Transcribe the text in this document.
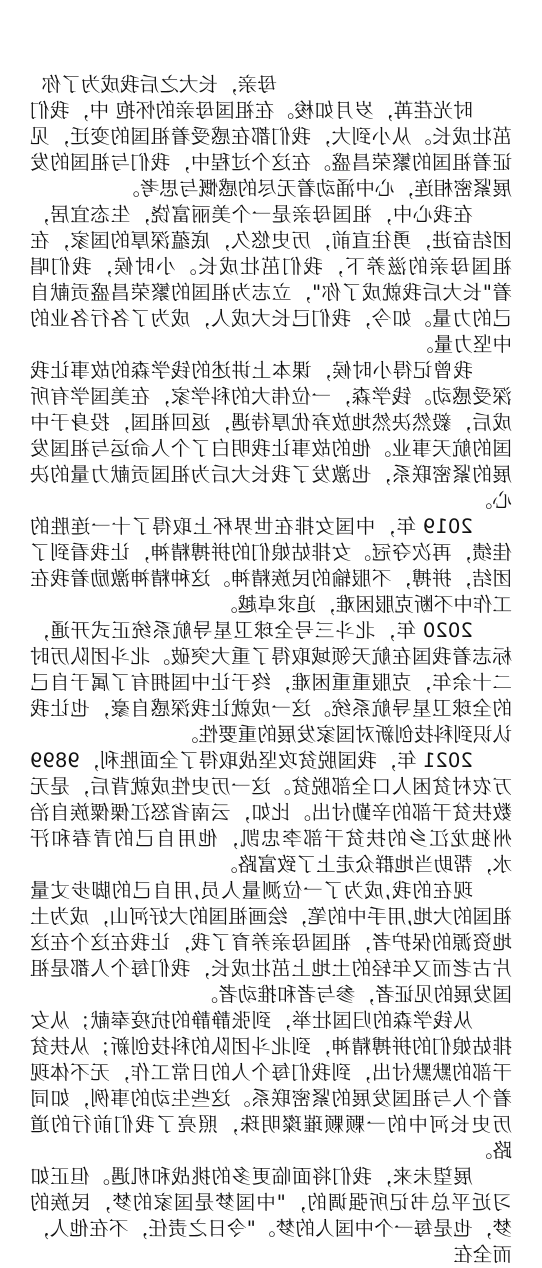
母亲，长大之后我成为了你

时光荏苒，岁月如梭。在祖国母亲的怀抱 中，我们茁壮成长。从小到大，我们都在感受着祖国的变迁，见证着祖国的繁荣昌盛。在这个过程中，我们与祖国的发展紧密相连，心中涌动着无尽的感慨与思考。

在我心中，祖国母亲是一个美丽富饶，生态宜居，团结奋进，勇往直前，历史悠久，底蕴深厚的国家，在祖国母亲的滋养下，我们茁壮成长。小时候，我们唱着"长大后我就成了你"，立志为祖国的繁荣昌盛贡献自己的力量。如今，我们已长大成人，成为了各行各业的中坚力量。

我曾记得小时候，课本上讲述的钱学森的故事让我深受感动。钱学森，一位伟大的科学家，在美国学有所成后，毅然决然地放弃优厚待遇，返回祖国，投身于中国的航天事业。他的故事让我明白了个人命运与祖国发展的紧密联系，也激发了我长大后为祖国贡献力量的决心。

2019 年，中国女排在世界杯上取得了十一连胜的佳绩，再次夺冠。女排姑娘们的拼搏精神，让我看到了团结，拼搏，不服输的民族精神。这种精神激励着我在工作中不断克服困难，追求卓越。

2020 年，北斗三号全球卫星导航系统正式开通，标志着我国在航天领域取得了重大突破。北斗团队历时二十余年，克服重重困难，终于让中国拥有了属于自己的全球卫星导航系统。这一成就让我深感自豪，也让我认识到科技创新对国家发展的重要性。

2021 年，我国脱贫攻坚战取得了全面胜利，9899 万农村贫困人口全部脱贫。这一历史性成就背后，是无数扶贫干部的辛勤付出。比如，云南省怒江傈僳族自治州独龙江乡的扶贫干部李忠凯，他用自己的青春和汗水，帮助当地群众走上了致富路。

现在的我,成为了一位测量人员,用自己的脚步丈量祖国的大地,用手中的笔，绘画祖国的大好河山，成为土地资源的保护者，祖国母亲养育了我，让我在这个在这片古老而又年轻的土地上茁壮成长，我们每个人都是祖国发展的见证者，参与者和推动者。

从钱学森的归国壮举，到张静静的抗疫奉献；从女排姑娘们的拼搏精神，到北斗团队的科技创新；从扶贫干部的默默付出，到我们每个人的日常工作，无不体现着个人与祖国发展的紧密联系。这些生动的事例，如同历史长河中的一颗颗璀璨明珠，照亮了我们前行的道路。

展望未来，我们将面临更多的挑战和机遇。但正如习近平总书记所强调的，"中国梦是国家的梦，民族的梦，也是每一个中国人的梦。"令日之责任，不在他人，而全在
